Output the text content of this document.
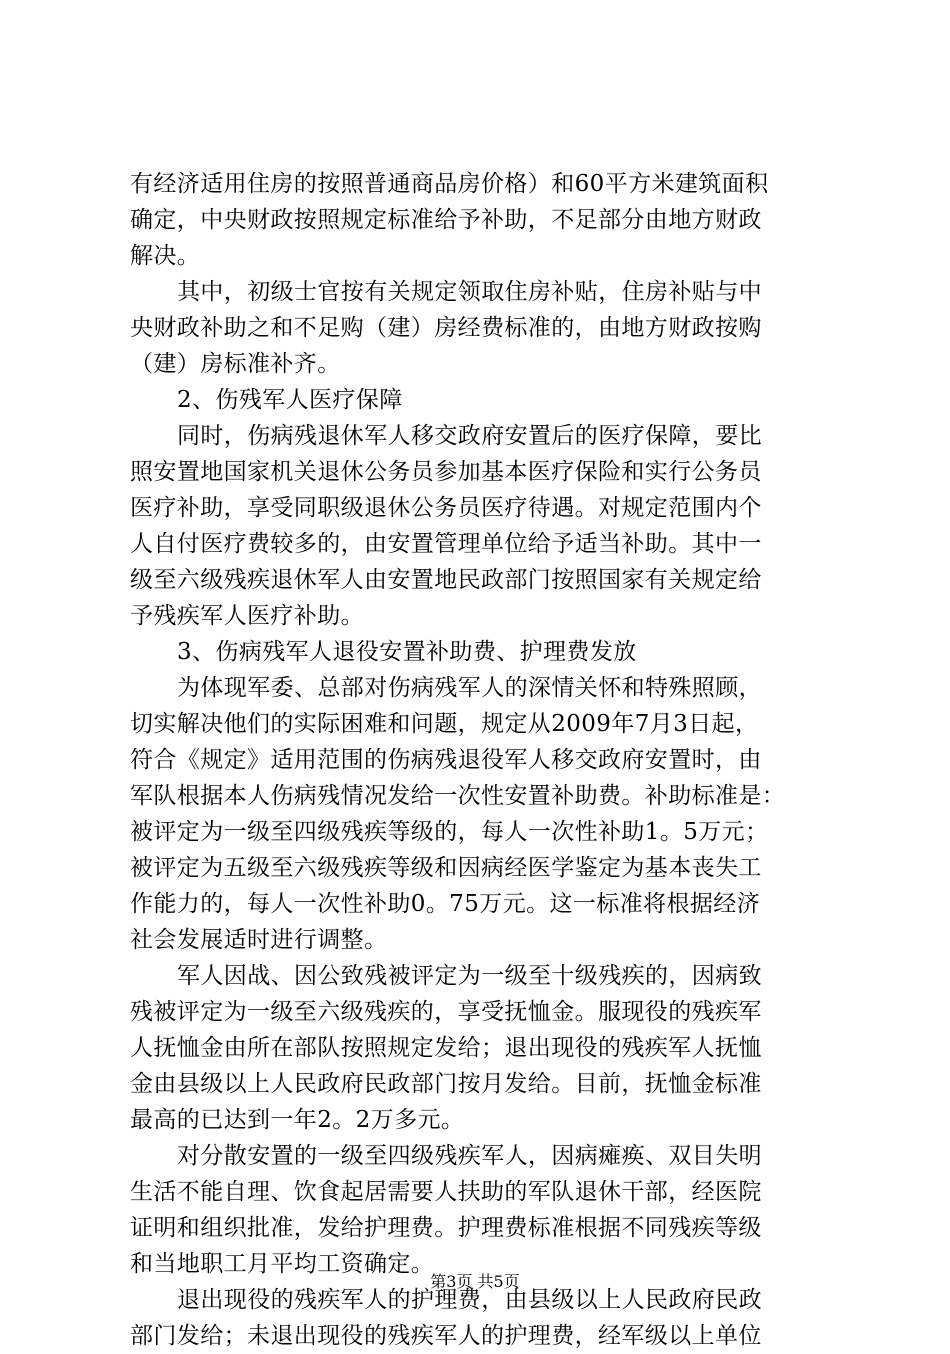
有经济适用住房的按照普通商品房价格）和60平方米建筑面积
确定，中央财政按照规定标准给予补助，不足部分由地方财政
解决。
其中，初级士官按有关规定领取住房补贴，住房补贴与中
央财政补助之和不足购（建）房经费标准的，由地方财政按购
（建）房标准补齐。
2、伤残军人医疗保障
同时，伤病残退休军人移交政府安置后的医疗保障，要比
照安置地国家机关退休公务员参加基本医疗保险和实行公务员
医疗补助，享受同职级退休公务员医疗待遇。对规定范围内个
人自付医疗费较多的，由安置管理单位给予适当补助。其中一
级至六级残疾退休军人由安置地民政部门按照国家有关规定给
予残疾军人医疗补助。
3、伤病残军人退役安置补助费、护理费发放
为体现军委、总部对伤病残军人的深情关怀和特殊照顾，
切实解决他们的实际困难和问题，规定从2009年7月3日起，
符合《规定》适用范围的伤病残退役军人移交政府安置时，由
军队根据本人伤病残情况发给一次性安置补助费。补助标准是：
被评定为一级至四级残疾等级的，每人一次性补助1。5万元；
被评定为五级至六级残疾等级和因病经医学鉴定为基本丧失工
作能力的，每人一次性补助0。75万元。这一标准将根据经济
社会发展适时进行调整。
军人因战、因公致残被评定为一级至十级残疾的，因病致
残被评定为一级至六级残疾的，享受抚恤金。服现役的残疾军
人抚恤金由所在部队按照规定发给；退出现役的残疾军人抚恤
金由县级以上人民政府民政部门按月发给。目前，抚恤金标准
最高的已达到一年2。2万多元。
对分散安置的一级至四级残疾军人，因病瘫痪、双目失明
生活不能自理、饮食起居需要人扶助的军队退休干部，经医院
证明和组织批准，发给护理费。护理费标准根据不同残疾等级
和当地职工月平均工资确定。
退出现役的残疾军人的护理费，由县级以上人民政府民政
部门发给；未退出现役的残疾军人的护理费，经军级以上单位
第3页 共5页
